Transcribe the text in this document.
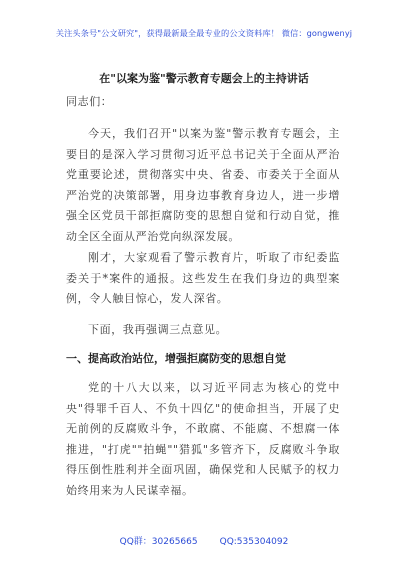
关注头条号"公文研究"，获得最新最全最专业的公文资料库！ 微信：gongwenyj
在"以案为鉴"警示教育专题会上的主持讲话

同志们：

今天，我们召开"以案为鉴"警示教育专题会，主要目的是深入学习贯彻习近平总书记关于全面从严治党重要论述，贯彻落实中央、省委、市委关于全面从严治党的决策部署，用身边事教育身边人，进一步增强全区党员干部拒腐防变的思想自觉和行动自觉，推动全区全面从严治党向纵深发展。

刚才，大家观看了警示教育片，听取了市纪委监委关于*案件的通报。这些发生在我们身边的典型案例，令人触目惊心，发人深省。

下面，我再强调三点意见。

一、提高政治站位，增强拒腐防变的思想自觉

党的十八大以来，以习近平同志为核心的党中央"得罪千百人、不负十四亿"的使命担当，开展了史无前例的反腐败斗争，不敢腐、不能腐、不想腐一体推进，"打虎""拍蝇""猎狐"多管齐下，反腐败斗争取得压倒性胜利并全面巩固，确保党和人民赋予的权力始终用来为人民谋幸福。

QQ群：30265665 QQ:535304092
